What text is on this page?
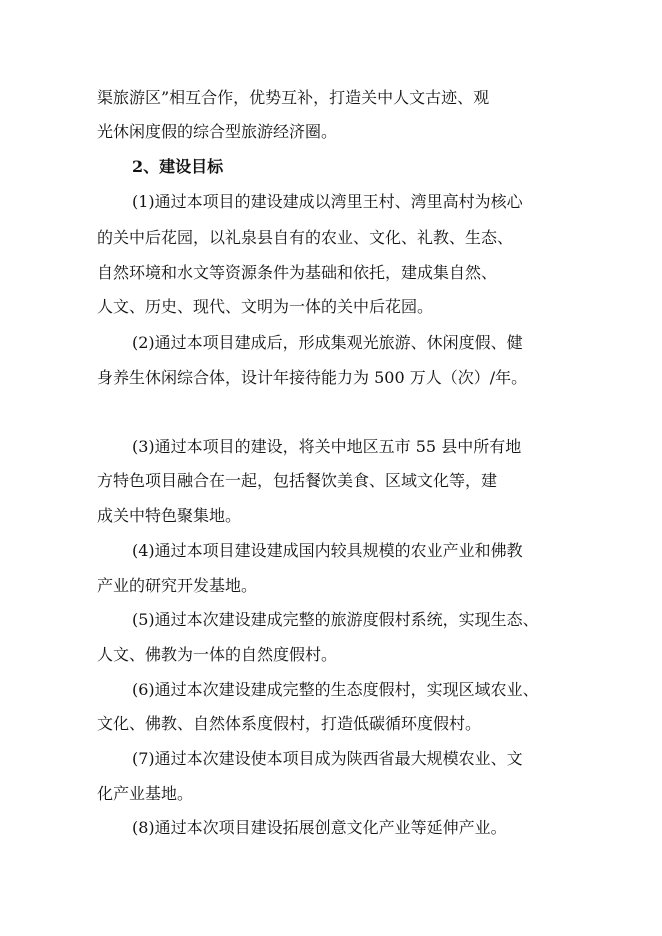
渠旅游区”相互合作，优势互补，打造关中人文古迹、观
光休闲度假的综合型旅游经济圈。
2、建设目标
(1)通过本项目的建设建成以湾里王村、湾里高村为核心
的关中后花园，以礼泉县自有的农业、文化、礼教、生态、
自然环境和水文等资源条件为基础和依托，建成集自然、
人文、历史、现代、文明为一体的关中后花园。
(2)通过本项目建成后，形成集观光旅游、休闲度假、健
身养生休闲综合体，设计年接待能力为 500 万人（次）/年。
(3)通过本项目的建设，将关中地区五市 55 县中所有地
方特色项目融合在一起，包括餐饮美食、区域文化等，建
成关中特色聚集地。
(4)通过本项目建设建成国内较具规模的农业产业和佛教
产业的研究开发基地。
(5)通过本次建设建成完整的旅游度假村系统，实现生态、
人文、佛教为一体的自然度假村。
(6)通过本次建设建成完整的生态度假村，实现区域农业、
文化、佛教、自然体系度假村，打造低碳循环度假村。
(7)通过本次建设使本项目成为陕西省最大规模农业、文
化产业基地。
(8)通过本次项目建设拓展创意文化产业等延伸产业。
